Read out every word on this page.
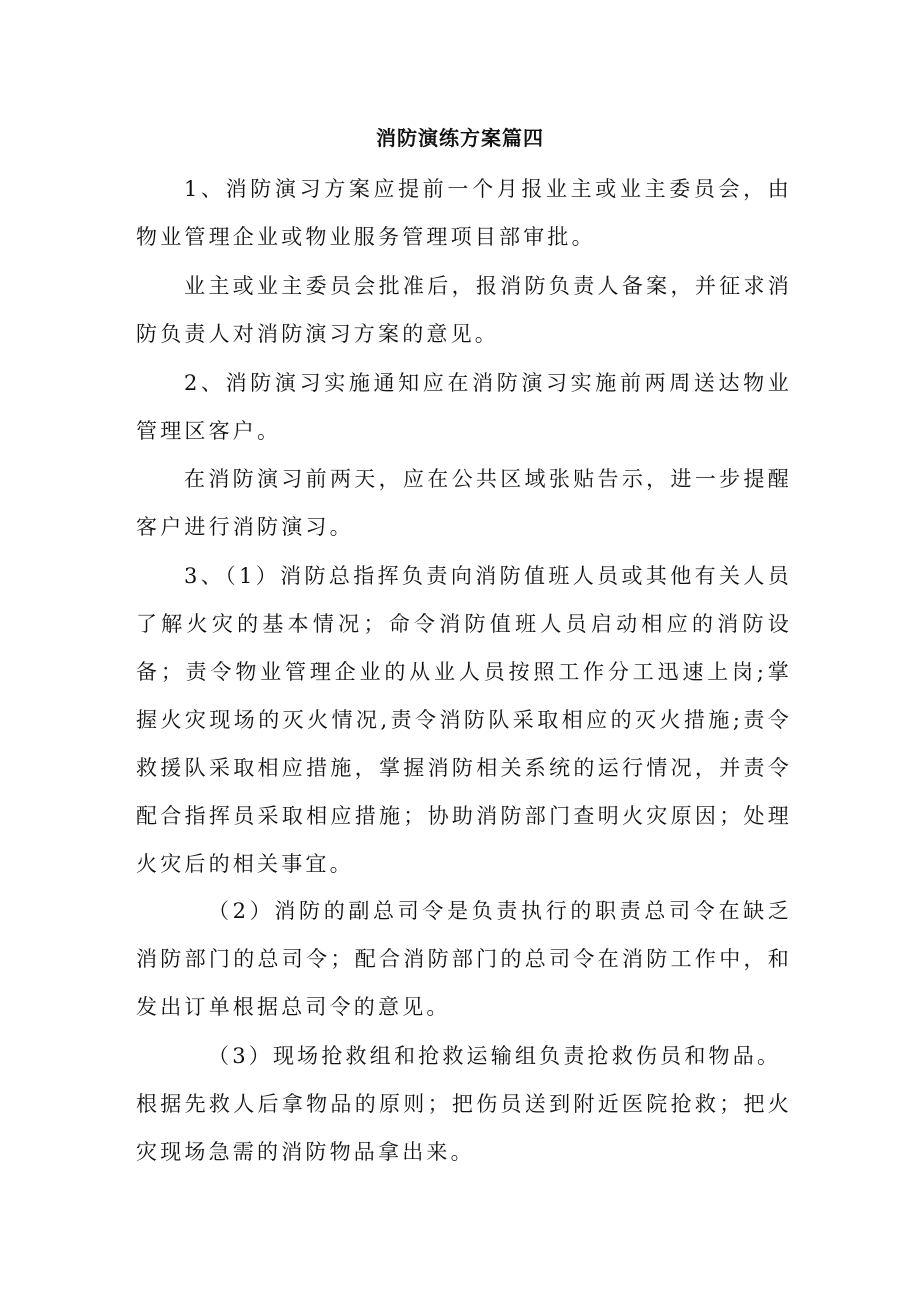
消防演练方案篇四

1、消防演习方案应提前一个月报业主或业主委员会，由物业管理企业或物业服务管理项目部审批。

业主或业主委员会批准后，报消防负责人备案，并征求消防负责人对消防演习方案的意见。

2、消防演习实施通知应在消防演习实施前两周送达物业管理区客户。

在消防演习前两天，应在公共区域张贴告示，进一步提醒客户进行消防演习。

3、（1）消防总指挥负责向消防值班人员或其他有关人员了解火灾的基本情况；命令消防值班人员启动相应的消防设备；责令物业管理企业的从业人员按照工作分工迅速上岗;掌握火灾现场的灭火情况,责令消防队采取相应的灭火措施;责令救援队采取相应措施，掌握消防相关系统的运行情况，并责令配合指挥员采取相应措施；协助消防部门查明火灾原因；处理火灾后的相关事宜。

（2）消防的副总司令是负责执行的职责总司令在缺乏消防部门的总司令；配合消防部门的总司令在消防工作中，和发出订单根据总司令的意见。

（3）现场抢救组和抢救运输组负责抢救伤员和物品。

根据先救人后拿物品的原则；把伤员送到附近医院抢救；把火灾现场急需的消防物品拿出来。
